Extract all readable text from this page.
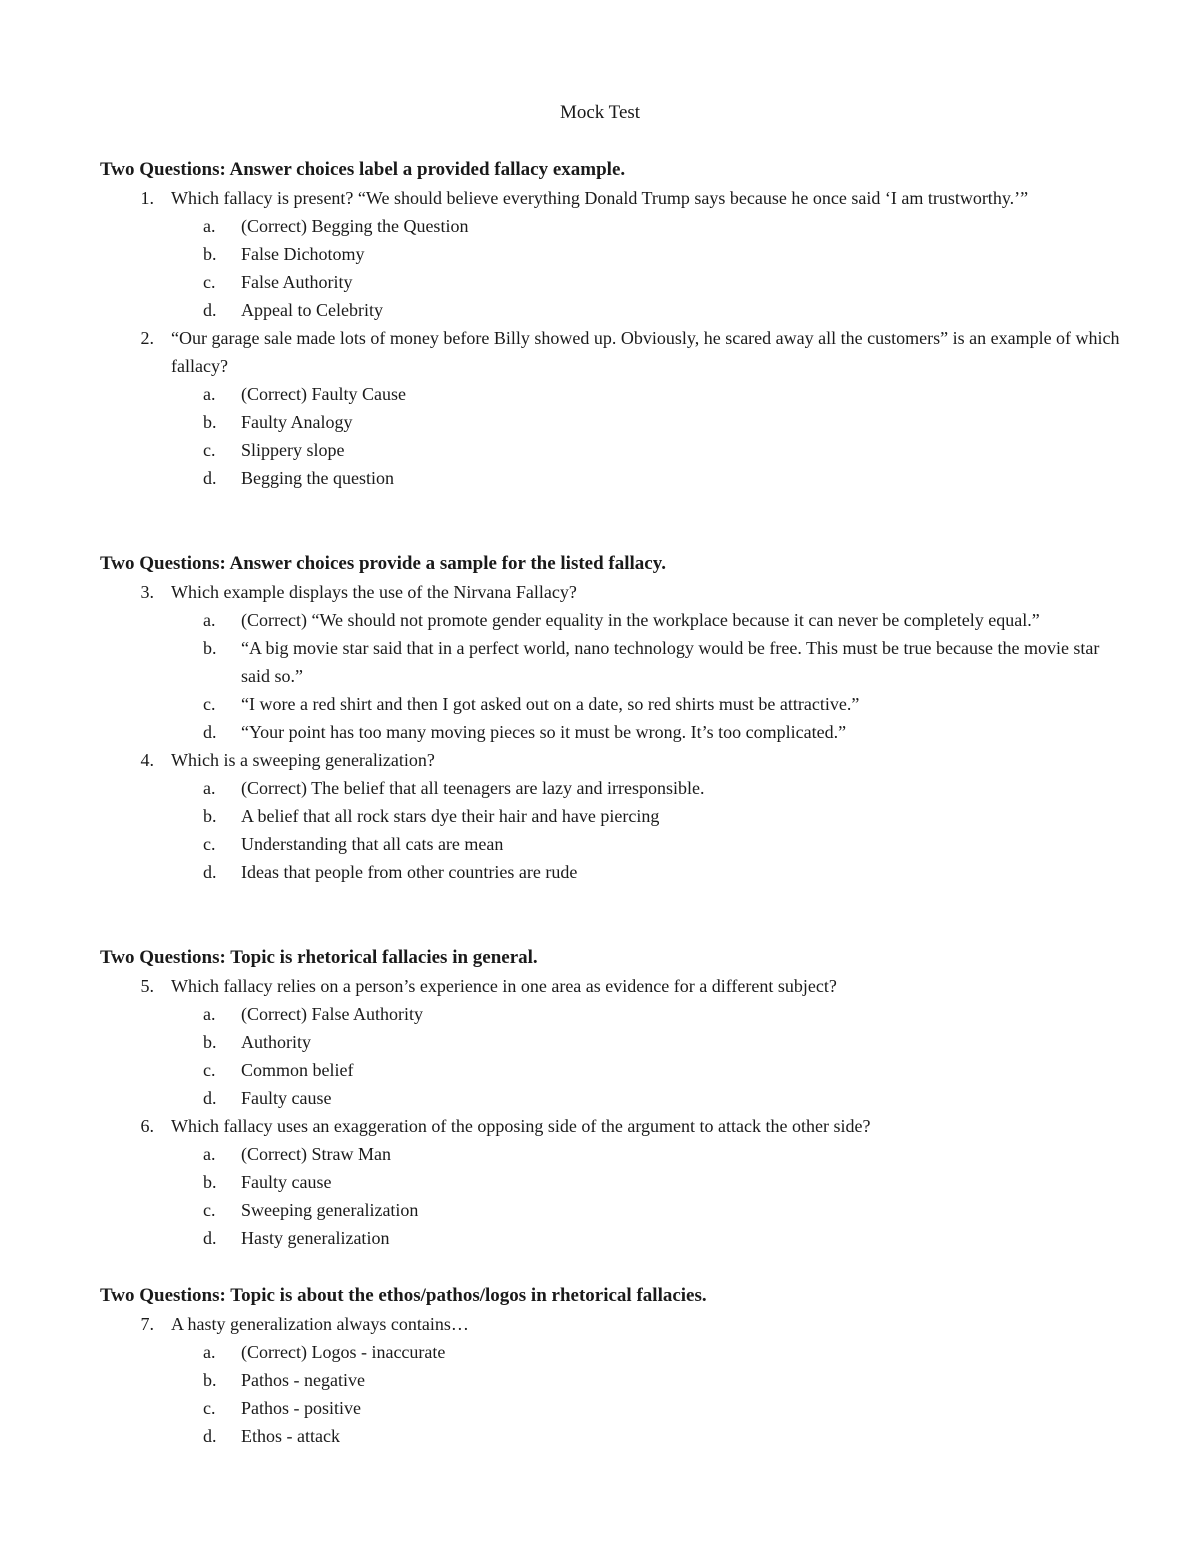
Mock Test
Two Questions: Answer choices label a provided fallacy example.
1. Which fallacy is present? “We should believe everything Donald Trump says because he once said ‘I am trustworthy.’”
a.	(Correct) Begging the Question
b.	False Dichotomy
c.	False Authority
d.	Appeal to Celebrity
2. “Our garage sale made lots of money before Billy showed up. Obviously, he scared away all the customers” is an example of which fallacy?
a.	(Correct) Faulty Cause
b.	Faulty Analogy
c.	Slippery slope
d.	Begging the question
Two Questions: Answer choices provide a sample for the listed fallacy.
3. Which example displays the use of the Nirvana Fallacy?
a.	(Correct) “We should not promote gender equality in the workplace because it can never be completely equal.”
b.	“A big movie star said that in a perfect world, nano technology would be free. This must be true because the movie star said so.”
c.	“I wore a red shirt and then I got asked out on a date, so red shirts must be attractive.”
d.	“Your point has too many moving pieces so it must be wrong. It’s too complicated.”
4. Which is a sweeping generalization?
a.	(Correct) The belief that all teenagers are lazy and irresponsible.
b.	A belief that all rock stars dye their hair and have piercing
c.	Understanding that all cats are mean
d.	Ideas that people from other countries are rude
Two Questions: Topic is rhetorical fallacies in general.
5. Which fallacy relies on a person’s experience in one area as evidence for a different subject?
a.	(Correct) False Authority
b.	Authority
c.	Common belief
d.	Faulty cause
6. Which fallacy uses an exaggeration of the opposing side of the argument to attack the other side?
a.	(Correct) Straw Man
b.	Faulty cause
c.	Sweeping generalization
d.	Hasty generalization
Two Questions: Topic is about the ethos/pathos/logos in rhetorical fallacies.
7. A hasty generalization always contains…
a.	(Correct) Logos - inaccurate
b.	Pathos - negative
c.	Pathos - positive
d.	Ethos - attack
